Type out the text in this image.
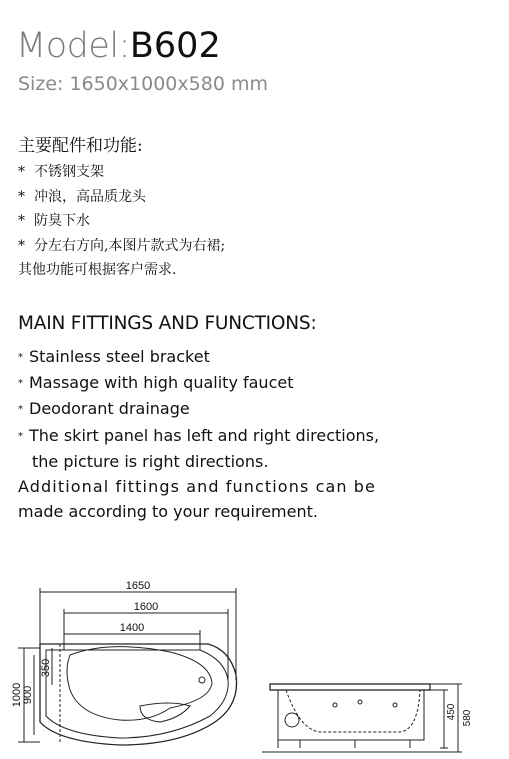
Model:B602
Size: 1650x1000x580 mm
主要配件和功能:
* 不锈钢支架
* 冲浪，高品质龙头
* 防臭下水
* 分左右方向,本图片款式为右裙;
其他功能可根据客户需求.
MAIN FITTINGS AND FUNCTIONS:
* Stainless steel bracket
* Massage with high quality faucet
* Deodorant drainage
* The skirt panel has left and right directions,
the picture is right directions.
Additional fittings and functions can be
made according to your requirement.
1650
1600
1400
350
1000 900
450 580
